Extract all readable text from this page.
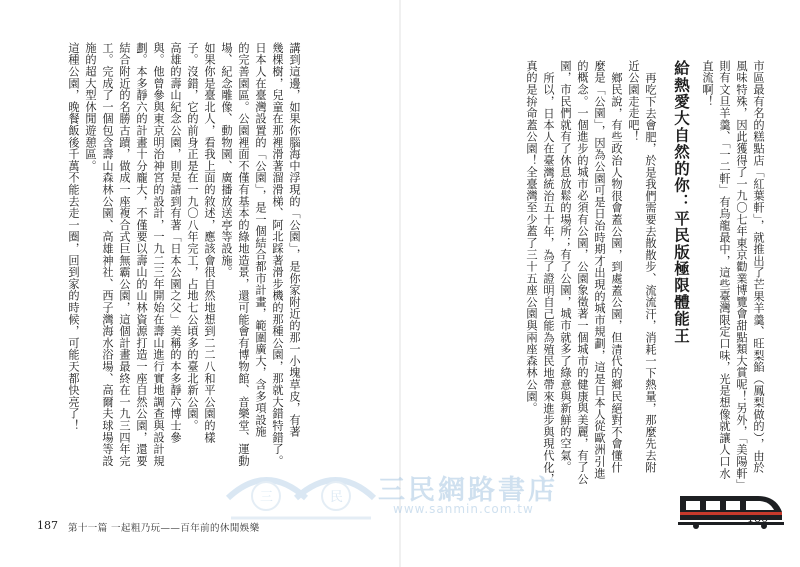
這種公園，晚餐飯後千萬不能去走一圈，回到家的時候，可能天都快亮了！ 施的超大型休閒遊憩區。 工。完成了一個包含壽山森林公園、高雄神社、西子灣海水浴場、高爾夫球場等設 結合附近的名勝古蹟，做成一座複合式巨無霸公園，這個計畫最終在一九三四年完 劃。本多靜六的計畫十分龐大，不僅要以壽山的山林資源打造一座自然公園，還要 與。他曾參與東京明治神宮的設計，一九二三年開始在壽山進行實地調查與設計規 高雄的壽山紀念公園，則是請到有著「日本公園之父」美稱的本多靜六博士參 子。沒錯，它的前身正是在一九〇八年完工，占地七公頃多的臺北新公園。 如果你是臺北人，看我上面的敘述，應該會很自然地想到二二八和平公園的樣 場、紀念雕像、動物園、廣播放送亭等設施。 的完善園區。公園裡面不僅有基本的綠地造景，還可能會有博物館、音樂堂、運動 日本人在臺灣設置的「公園」，是一個結合都市計畫，範圍廣大，含多項設施 幾棵樹，兒童在那裡滑著溜滑梯、阿北踩著滑步機的那種公園，那就大錯特錯了。 講到這邊，如果你腦海中浮現的「公園」，是你家附近的那一小塊草皮，有著
187 第十一篇 一起粗乃玩——百年前的休閒娛樂
市區最有名的糕點店「紅葉軒」，就推出了芒果羊羹、旺梨餡（鳳梨做的），由於
風味特殊，因此獲得了一九〇七年東京勸業博覽會甜點類大賞呢！另外，「美陽軒」
則有文旦羊羹、「一二軒」有烏龍最中，這些臺灣限定口味，光是想像就讓人口水
直流啊！
給熱愛大自然的你：平民版極限體能王
再吃下去會肥，於是我們需要去散散步、流流汗，消耗一下熱量，那麼先去附
近公園走走吧！
鄉民說，有些政治人物很會蓋公園，到處蓋公園，但清代的鄉民絕對不會懂什
麼是「公園」，因為公園可是日治時期才出現的城市規劃，這是日本人從歐洲引進
的概念。一個進步的城市必須有公園，公園象徵著一個城市的健康與美麗，有了公
園，市民們就有了休息放鬆的場所；有了公園，城市就多了綠意與新鮮的空氣。
所以，日本人在臺灣統治五十年，為了證明自己能為殖民地帶來進步與現代化，
真的是拚命蓋公園！全臺灣至少蓋了三十五座公園與兩座森林公園。
三	民 三民網路書店
www.sanmin.com.tw
